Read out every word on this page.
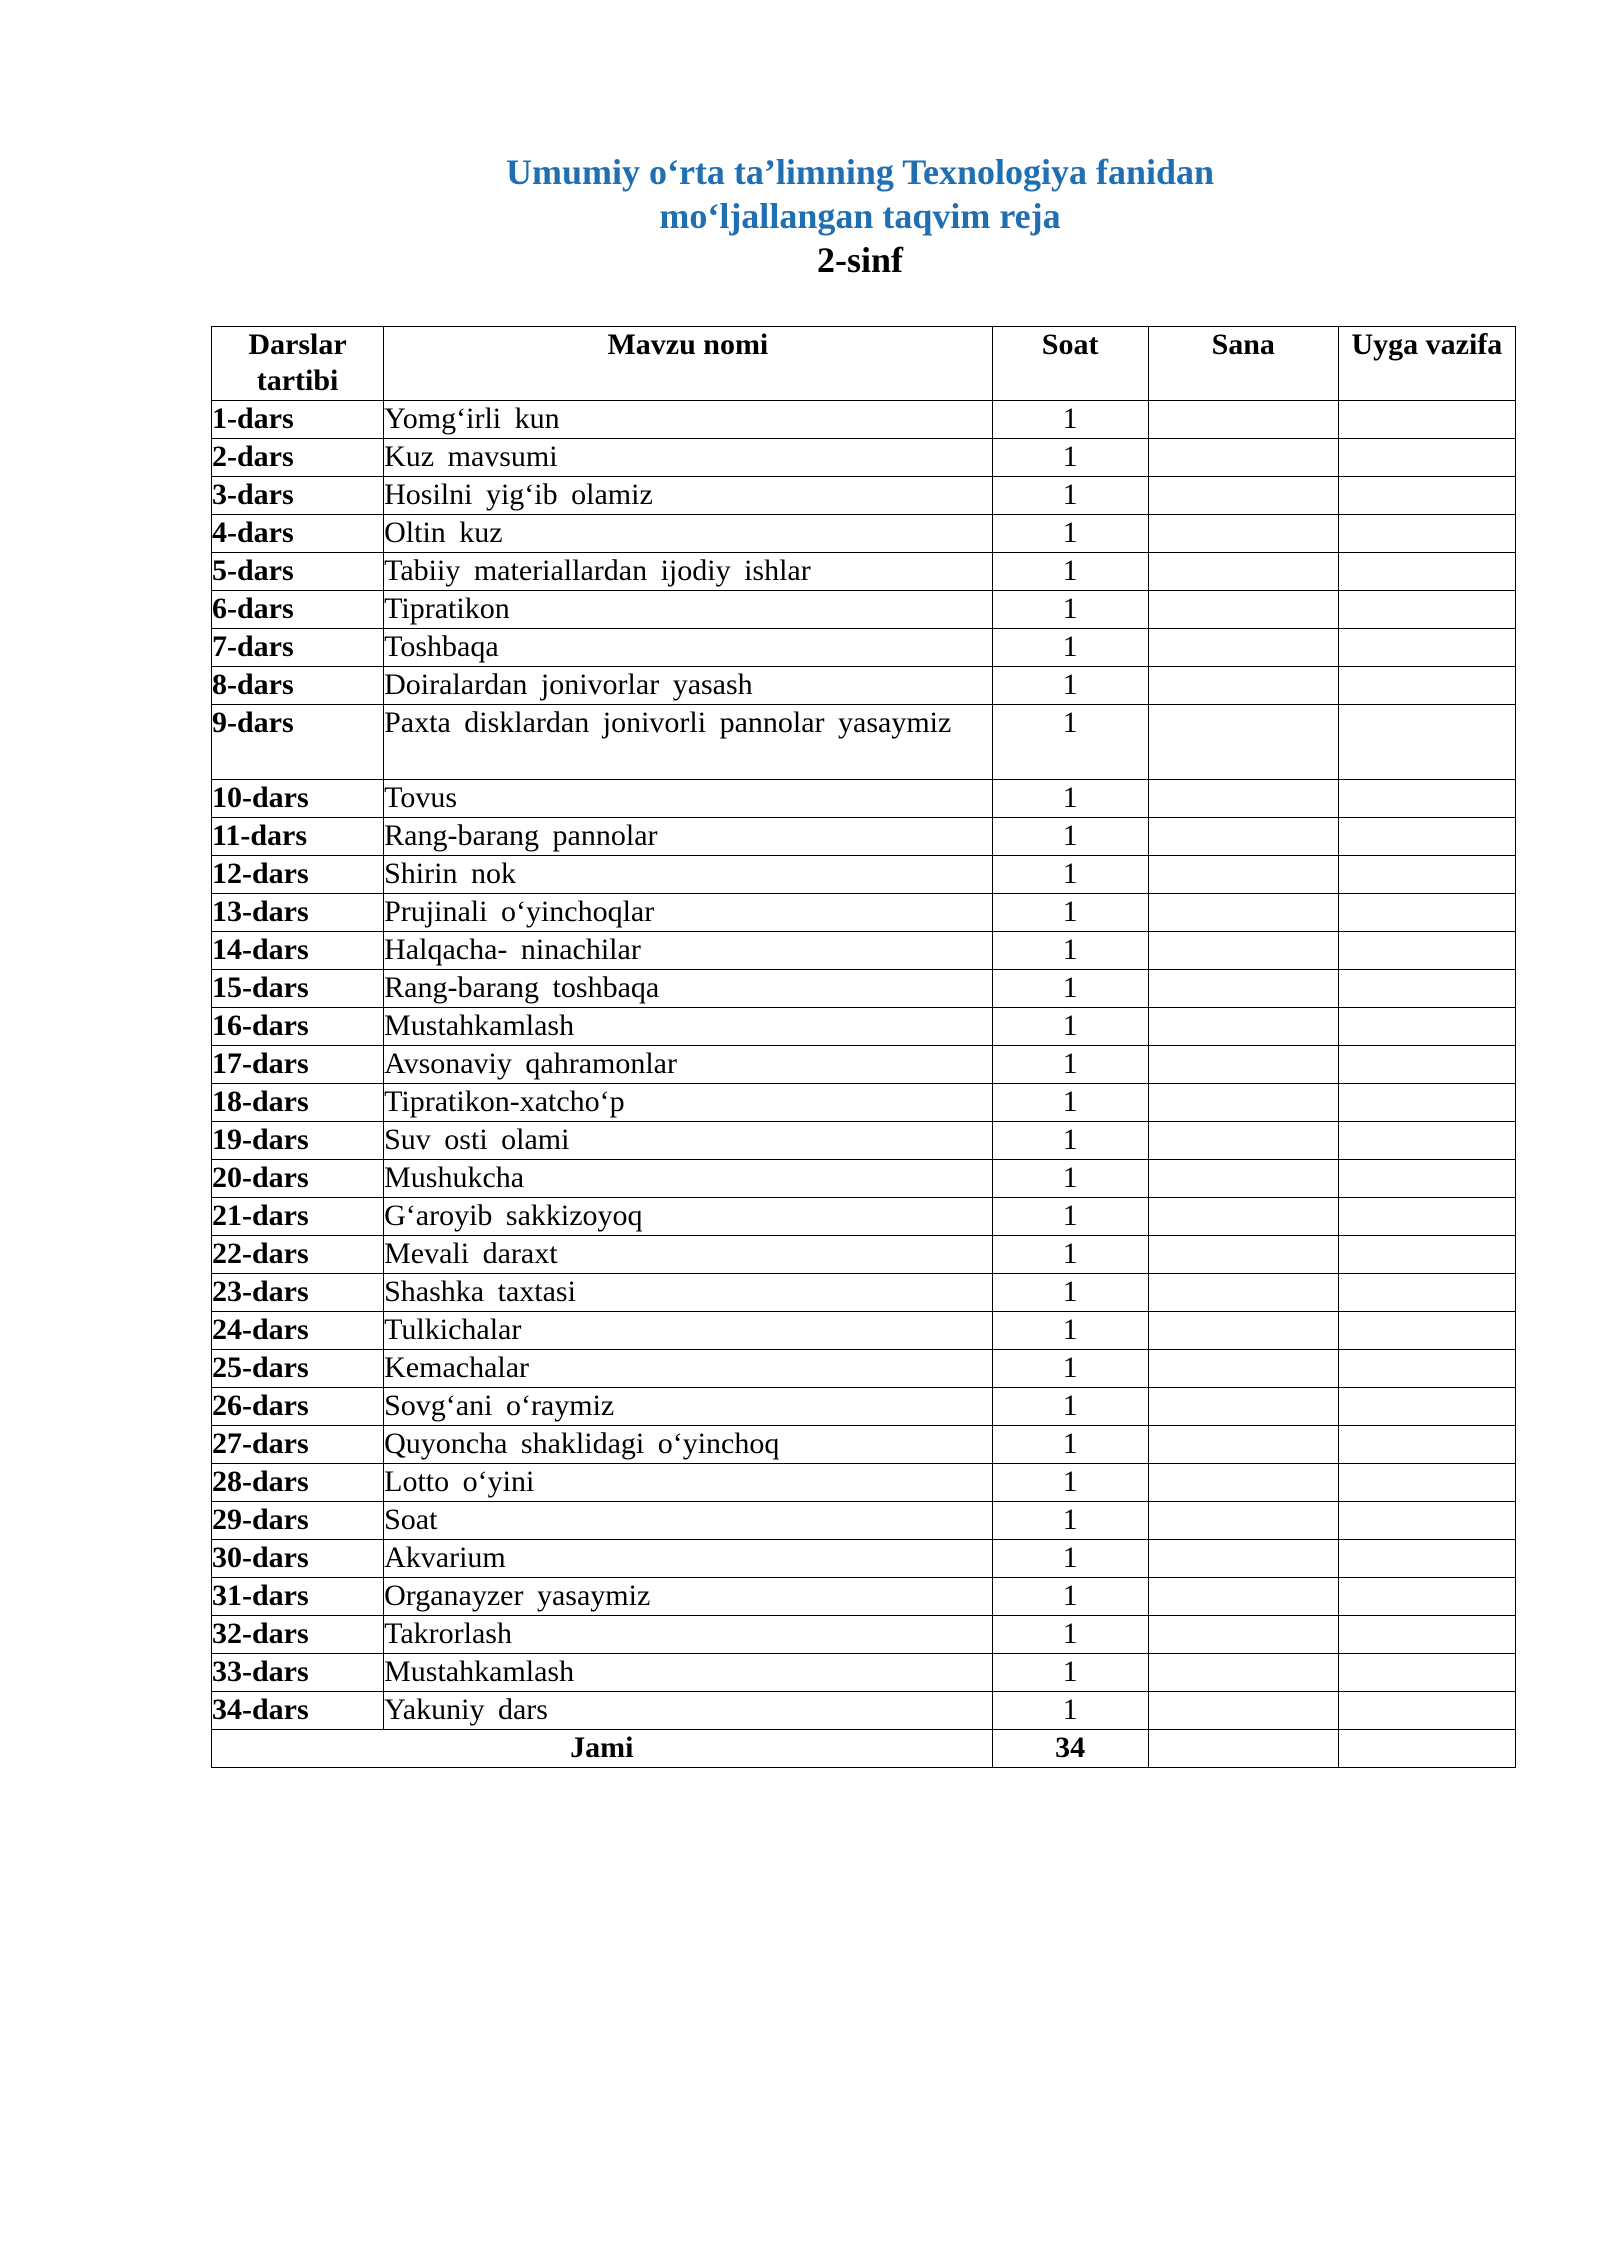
Umumiy o‘rta ta’limning Texnologiya fanidan
mo‘ljallangan taqvim reja
2-sinf
Darslar tartibi	Mavzu nomi	Soat	Sana	Uyga vazifa
1-dars	Yomg‘irli kun	1		
2-dars	Kuz mavsumi	1		
3-dars	Hosilni yig‘ib olamiz	1		
4-dars	Oltin kuz	1		
5-dars	Tabiiy materiallardan ijodiy ishlar	1		
6-dars	Tipratikon	1		
7-dars	Toshbaqa	1		
8-dars	Doiralardan jonivorlar yasash	1		
9-dars	Paxta disklardan jonivorli pannolar yasaymiz	1		
10-dars	Tovus	1		
11-dars	Rang-barang pannolar	1		
12-dars	Shirin nok	1		
13-dars	Prujinali o‘yinchoqlar	1		
14-dars	Halqacha- ninachilar	1		
15-dars	Rang-barang toshbaqa	1		
16-dars	Mustahkamlash	1		
17-dars	Avsonaviy qahramonlar	1		
18-dars	Tipratikon-xatcho‘p	1		
19-dars	Suv osti olami	1		
20-dars	Mushukcha	1		
21-dars	G‘aroyib sakkizoyoq	1		
22-dars	Mevali daraxt	1		
23-dars	Shashka taxtasi	1		
24-dars	Tulkichalar	1		
25-dars	Kemachalar	1		
26-dars	Sovg‘ani o‘raymiz	1		
27-dars	Quyoncha shaklidagi o‘yinchoq	1		
28-dars	Lotto o‘yini	1		
29-dars	Soat	1		
30-dars	Akvarium	1		
31-dars	Organayzer yasaymiz	1		
32-dars	Takrorlash	1		
33-dars	Mustahkamlash	1		
34-dars	Yakuniy dars	1		
Jami		34		
